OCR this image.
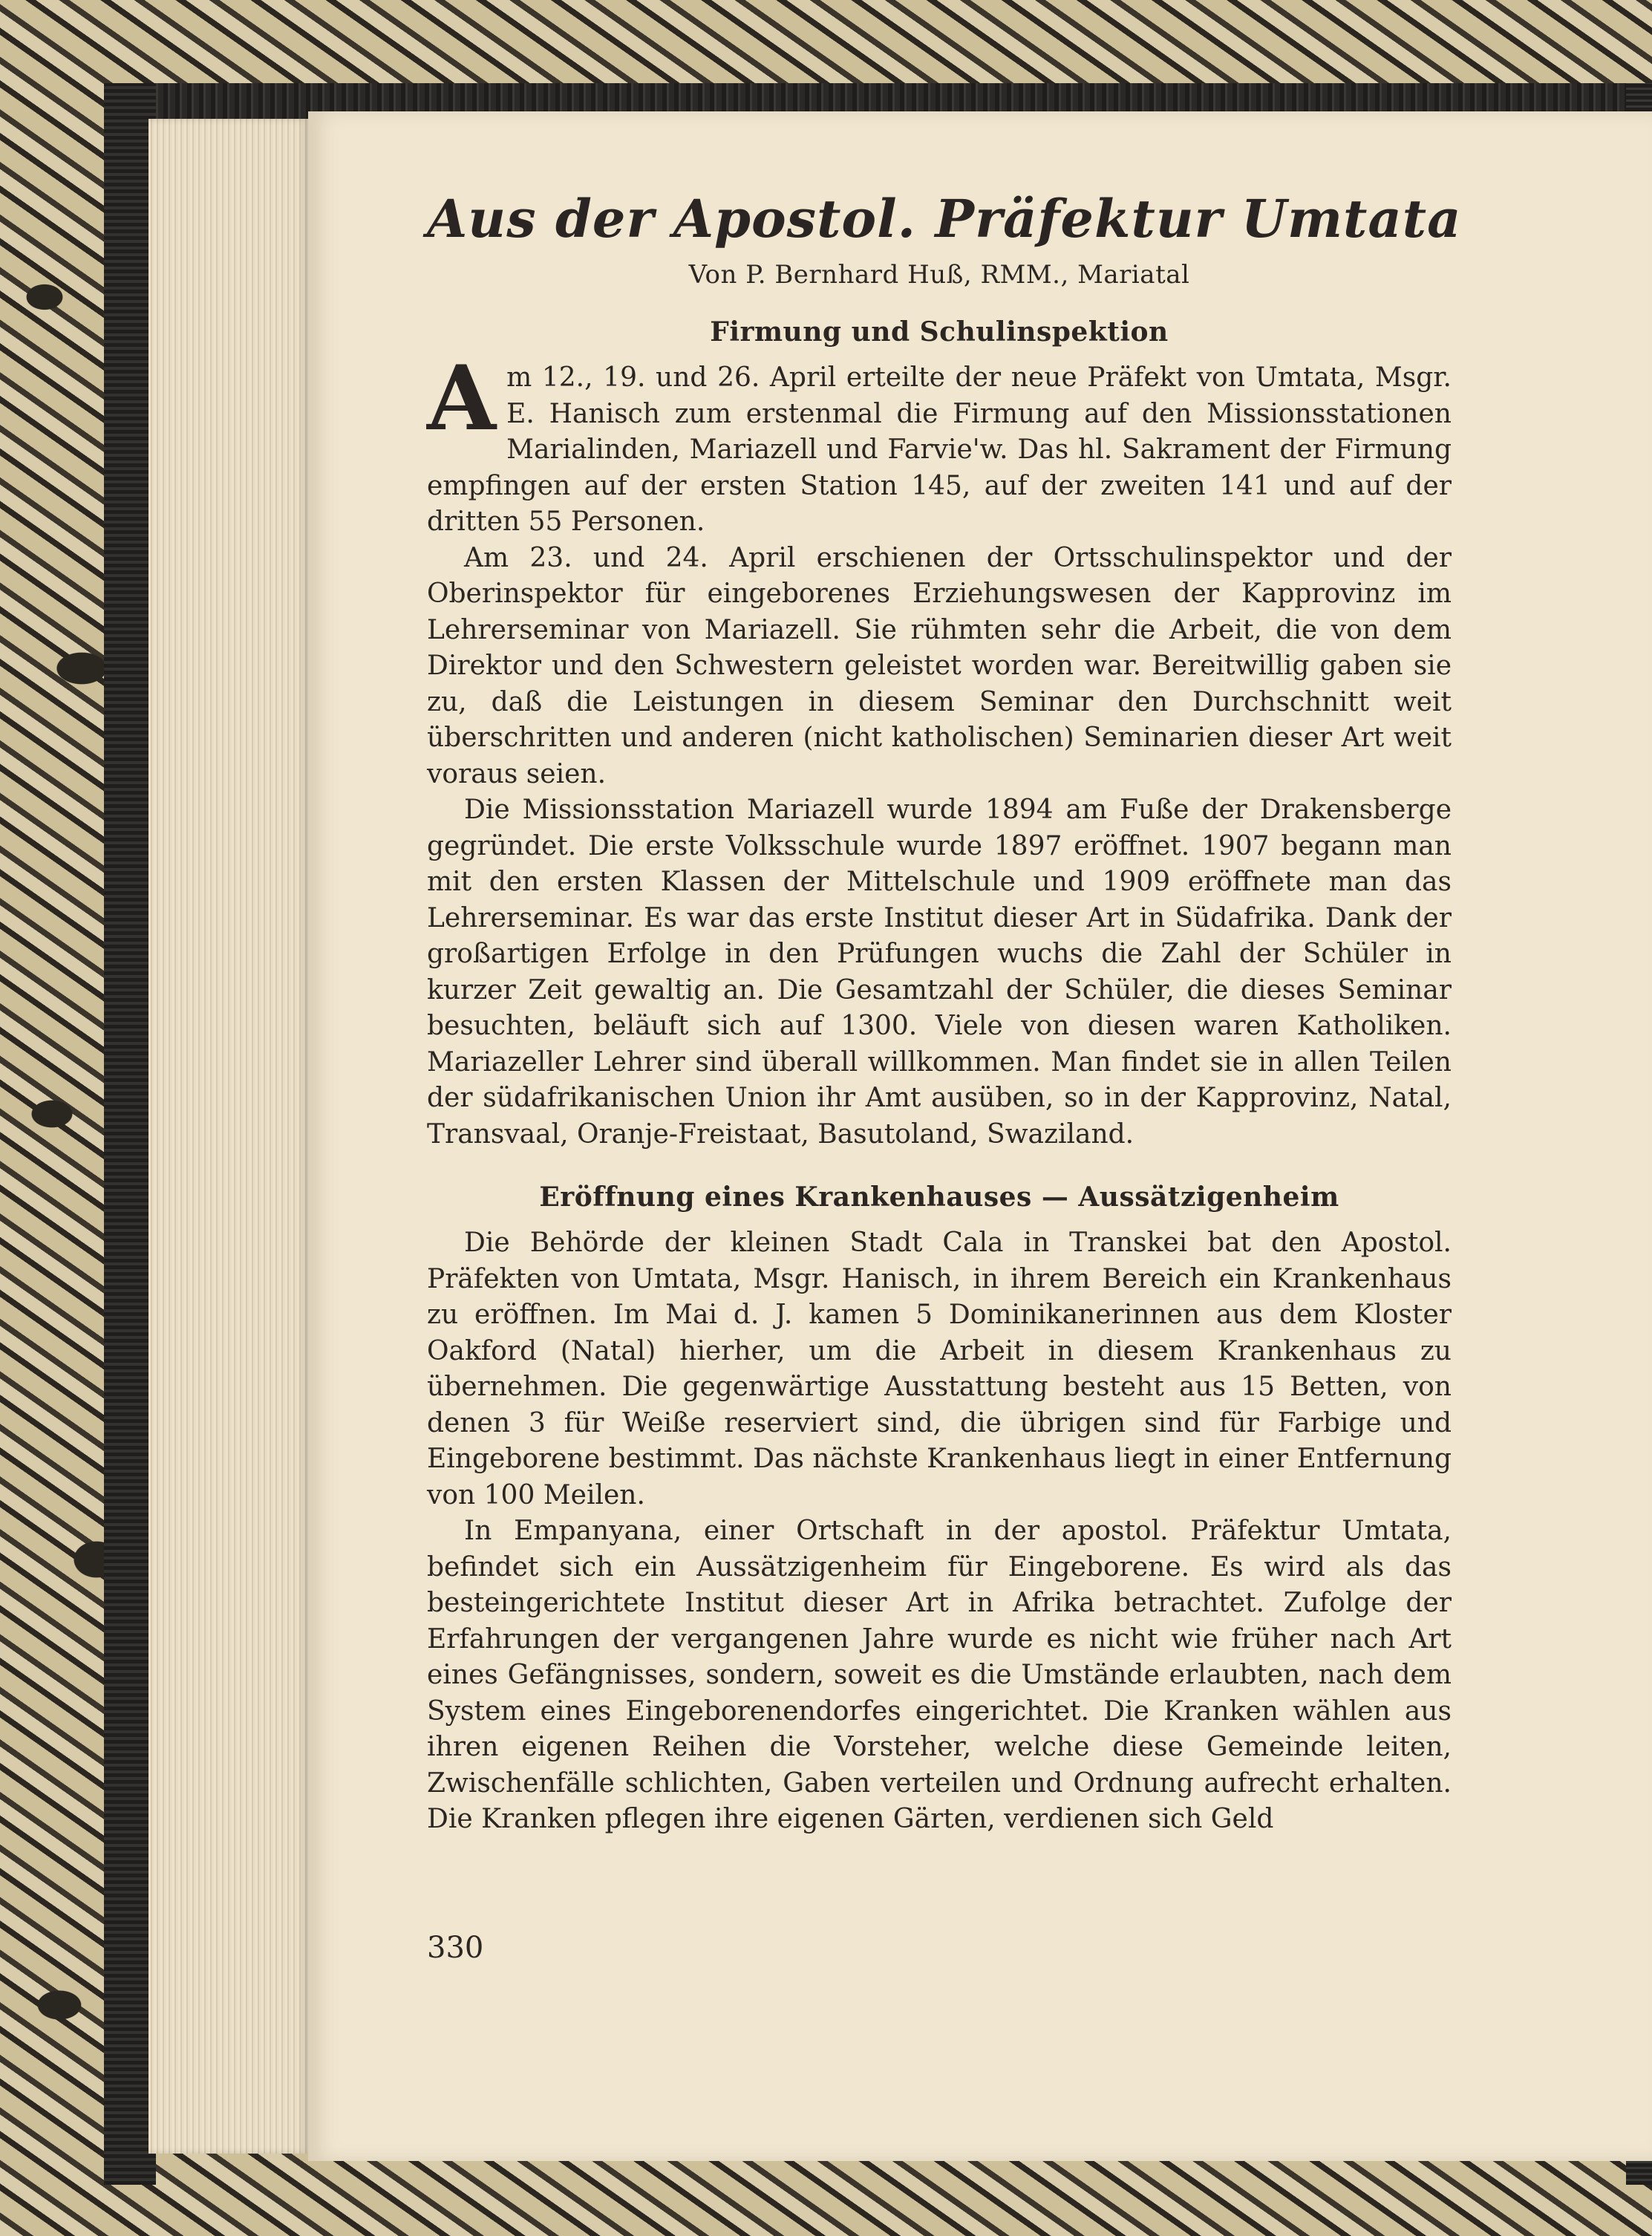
Aus der Apostol. Präfektur Umtata
Von P. Bernhard Huß, RMM., Mariatal
Firmung und Schulinspektion

Am 12., 19. und 26. April erteilte der neue Präfekt von Umtata, Msgr. E. Hanisch zum erstenmal die Firmung auf den Missionsstationen Marialinden, Mariazell und Farvie'w. Das hl. Sakrament der Firmung empfingen auf der ersten Station 145, auf der zweiten 141 und auf der dritten 55 Personen.

Am 23. und 24. April erschienen der Ortsschulinspektor und der Oberinspektor für eingeborenes Erziehungswesen der Kapprovinz im Lehrerseminar von Mariazell. Sie rühmten sehr die Arbeit, die von dem Direktor und den Schwestern geleistet worden war. Bereitwillig gaben sie zu, daß die Leistungen in diesem Seminar den Durchschnitt weit überschritten und anderen (nicht katholischen) Seminarien dieser Art weit voraus seien.

Die Missionsstation Mariazell wurde 1894 am Fuße der Drakensberge gegründet. Die erste Volksschule wurde 1897 eröffnet. 1907 begann man mit den ersten Klassen der Mittelschule und 1909 eröffnete man das Lehrerseminar. Es war das erste Institut dieser Art in Südafrika. Dank der großartigen Erfolge in den Prüfungen wuchs die Zahl der Schüler in kurzer Zeit gewaltig an. Die Gesamtzahl der Schüler, die dieses Seminar besuchten, beläuft sich auf 1300. Viele von diesen waren Katholiken. Mariazeller Lehrer sind überall willkommen. Man findet sie in allen Teilen der südafrikanischen Union ihr Amt ausüben, so in der Kapprovinz, Natal, Transvaal, Oranje-Freistaat, Basutoland, Swaziland.

Eröffnung eines Krankenhauses — Aussätzigenheim

Die Behörde der kleinen Stadt Cala in Transkei bat den Apostol. Präfekten von Umtata, Msgr. Hanisch, in ihrem Bereich ein Krankenhaus zu eröffnen. Im Mai d. J. kamen 5 Dominikanerinnen aus dem Kloster Oakford (Natal) hierher, um die Arbeit in diesem Krankenhaus zu übernehmen. Die gegenwärtige Ausstattung besteht aus 15 Betten, von denen 3 für Weiße reserviert sind, die übrigen sind für Farbige und Eingeborene bestimmt. Das nächste Krankenhaus liegt in einer Entfernung von 100 Meilen.

In Empanyana, einer Ortschaft in der apostol. Präfektur Umtata, befindet sich ein Aussätzigenheim für Eingeborene. Es wird als das besteingerichtete Institut dieser Art in Afrika betrachtet. Zufolge der Erfahrungen der vergangenen Jahre wurde es nicht wie früher nach Art eines Gefängnisses, sondern, soweit es die Umstände erlaubten, nach dem System eines Eingeborenendorfes eingerichtet. Die Kranken wählen aus ihren eigenen Reihen die Vorsteher, welche diese Gemeinde leiten, Zwischenfälle schlichten, Gaben verteilen und Ordnung aufrecht erhalten. Die Kranken pflegen ihre eigenen Gärten, verdienen sich Geld

330
